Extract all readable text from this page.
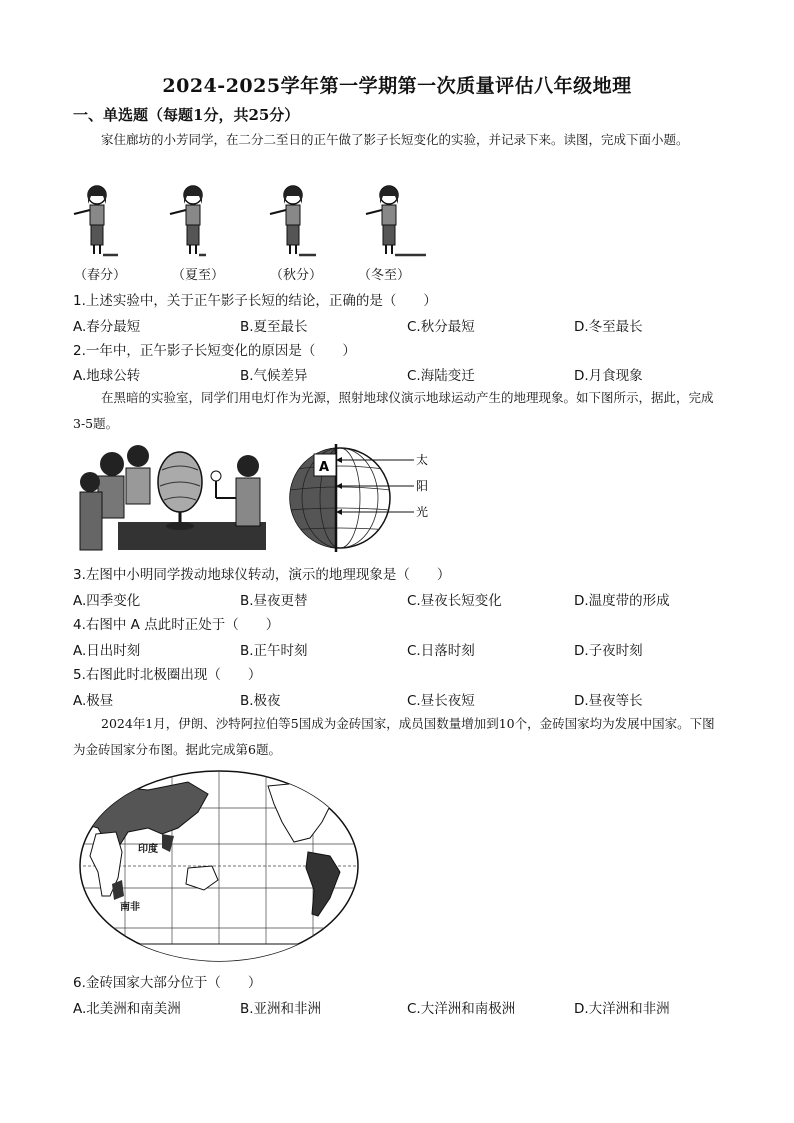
2024-2025学年第一学期第一次质量评估八年级地理
一、单选题（每题1分，共25分）
家住廊坊的小芳同学，在二分二至日的正午做了影子长短变化的实验，并记录下来。读图，完成下面小题。
（春分）	（夏至）	（秋分）	（冬至）
1.上述实验中，关于正午影子长短的结论，正确的是（　　）
A.春分最短	B.夏至最长	C.秋分最短	D.冬至最长
2.一年中，正午影子长短变化的原因是（　　）
A.地球公转	B.气候差异	C.海陆变迁	D.月食现象
在黑暗的实验室，同学们用电灯作为光源，照射地球仪演示地球运动产生的地理现象。如下图所示，据此，完成3-5题。
A	太
阳
光
3.左图中小明同学拨动地球仪转动，演示的地理现象是（　　）
A.四季变化	B.昼夜更替	C.昼夜长短变化	D.温度带的形成
4.右图中 A 点此时正处于（　　）
A.日出时刻	B.正午时刻	C.日落时刻	D.子夜时刻
5.右图此时北极圈出现（　　）
A.极昼	B.极夜	C.昼长夜短	D.昼夜等长
2024年1月，伊朗、沙特阿拉伯等5国成为金砖国家，成员国数量增加到10个，金砖国家均为发展中国家。下图为金砖国家分布图。据此完成第6题。
印度
南非
6.金砖国家大部分位于（　　）
A.北美洲和南美洲	B.亚洲和非洲	C.大洋洲和南极洲	D.大洋洲和非洲
